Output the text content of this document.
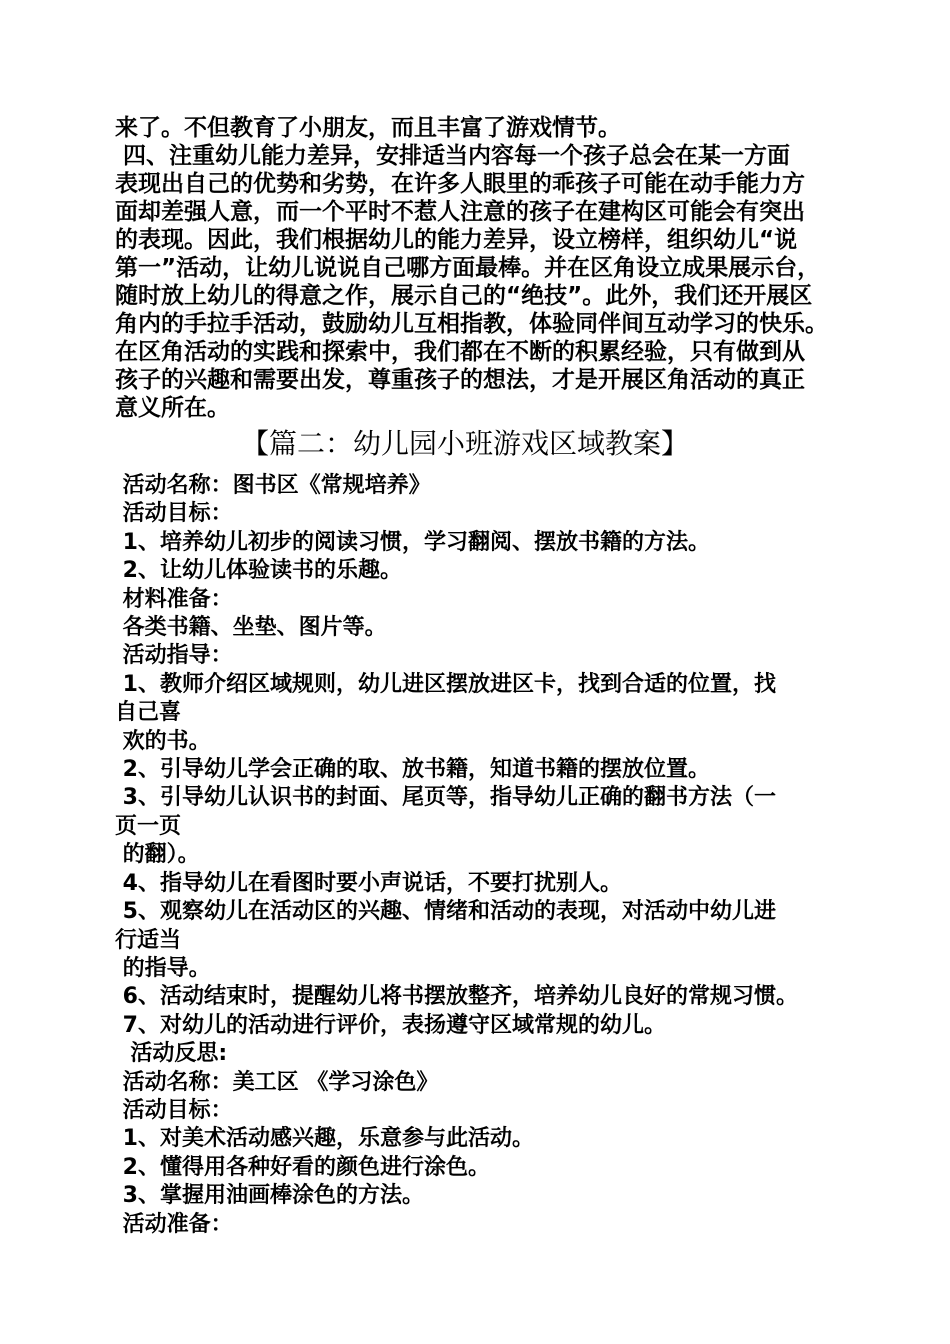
来了。不但教育了小朋友，而且丰富了游戏情节。

四、注重幼儿能力差异，安排适当内容每一个孩子总会在某一方面

表现出自己的优势和劣势，在许多人眼里的乖孩子可能在动手能力方

面却差强人意，而一个平时不惹人注意的孩子在建构区可能会有突出

的表现。因此，我们根据幼儿的能力差异，设立榜样，组织幼儿“说

第一”活动，让幼儿说说自己哪方面最棒。并在区角设立成果展示台，

随时放上幼儿的得意之作，展示自己的“绝技”。此外，我们还开展区

角内的手拉手活动，鼓励幼儿互相指教，体验同伴间互动学习的快乐。

在区角活动的实践和探索中，我们都在不断的积累经验，只有做到从

孩子的兴趣和需要出发，尊重孩子的想法，才是开展区角活动的真正

意义所在。

【篇二：幼儿园小班游戏区域教案】

活动名称：图书区《常规培养》

活动目标：

1、培养幼儿初步的阅读习惯，学习翻阅、摆放书籍的方法。

2、让幼儿体验读书的乐趣。

材料准备：

各类书籍、坐垫、图片等。

活动指导：

1、教师介绍区域规则，幼儿进区摆放进区卡，找到合适的位置，找

自己喜

欢的书。

2、引导幼儿学会正确的取、放书籍，知道书籍的摆放位置。

3、引导幼儿认识书的封面、尾页等，指导幼儿正确的翻书方法（一

页一页

的翻）。

4、指导幼儿在看图时要小声说话，不要打扰别人。

5、观察幼儿在活动区的兴趣、情绪和活动的表现，对活动中幼儿进

行适当

的指导。

6、活动结束时，提醒幼儿将书摆放整齐，培养幼儿良好的常规习惯。

7、对幼儿的活动进行评价，表扬遵守区域常规的幼儿。

活动反思:

活动名称：美工区 《学习涂色》

活动目标：

1、对美术活动感兴趣，乐意参与此活动。

2、懂得用各种好看的颜色进行涂色。

3、掌握用油画棒涂色的方法。

活动准备：
